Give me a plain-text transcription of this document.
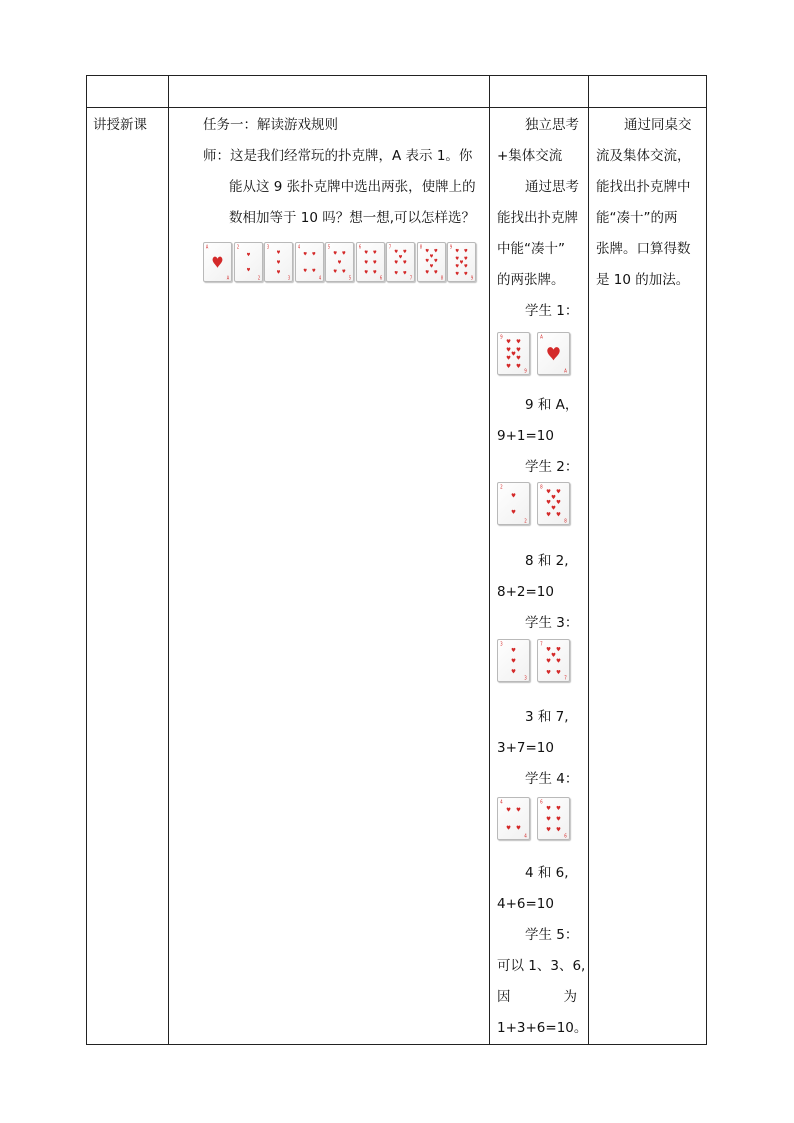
讲授新课	任务一：解读游戏规则
师：这是我们经常玩的扑克牌，A 表示 1。你
能从这 9 张扑克牌中选出两张，使牌上的
数相加等于 10 吗？想一想,可以怎样选？
A
A
2
2
3
3
4
4
5
5
6
6
7
7
8
8
9
9
独立思考
+集体交流
通过思考
能找出扑克牌
中能“凑十”
的两张牌。
学生 1：
9
9
A
A
9 和 A，
9+1=10
学生 2：
2
2
8
8
8 和 2,
8+2=10
学生 3：
3
3
7
7
3 和 7,
3+7=10
学生 4：
4
4
6
6
4 和 6,
4+6=10
学生 5：
可以 1、3、6,
因	为
1+3+6=10。
通过同桌交
流及集体交流，
能找出扑克牌中
能“凑十”的两
张牌。口算得数
是 10 的加法。
